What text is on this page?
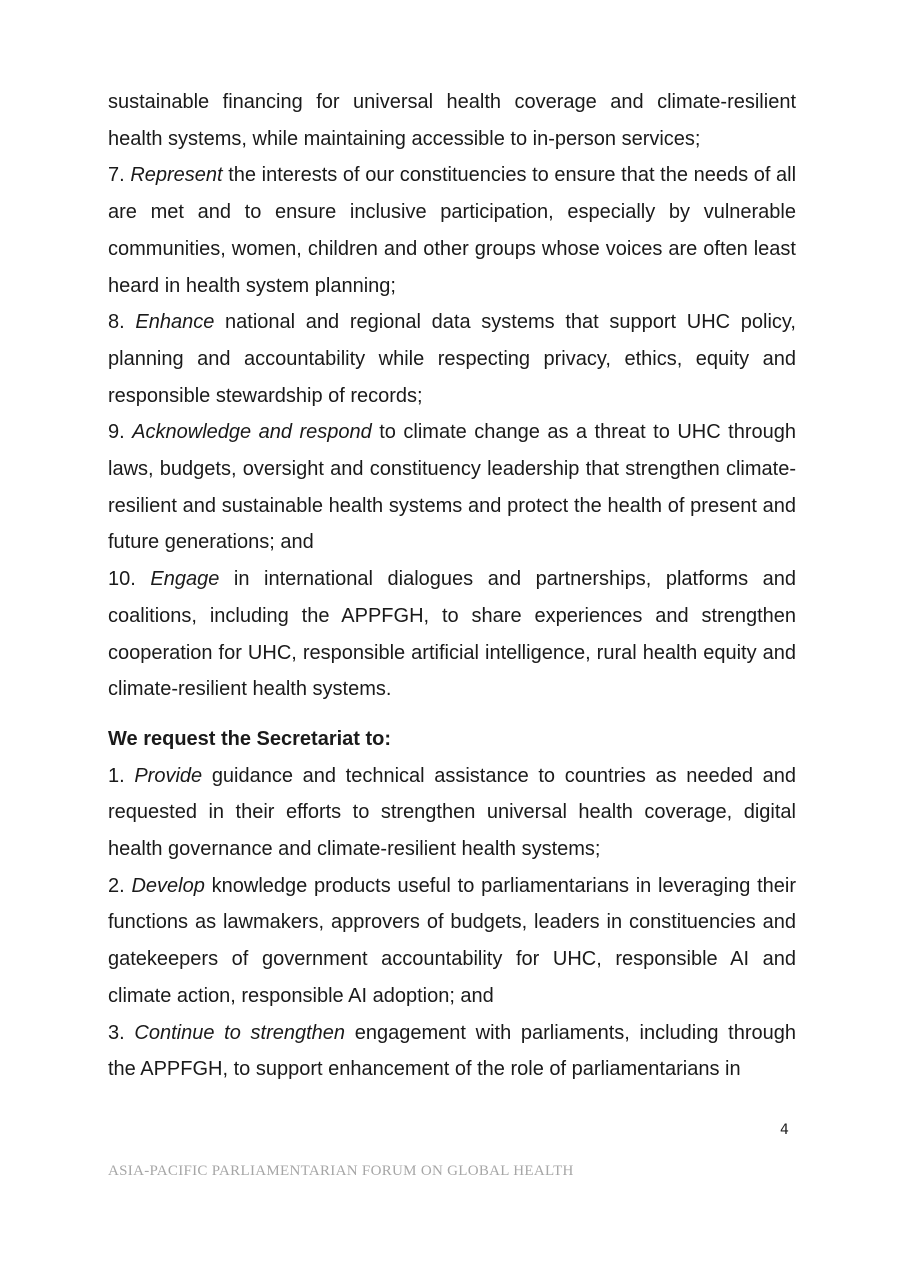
sustainable financing for universal health coverage and climate-resilient health systems, while maintaining accessible to in-person services;

7. Represent the interests of our constituencies to ensure that the needs of all are met and to ensure inclusive participation, especially by vulnerable communities, women, children and other groups whose voices are often least heard in health system planning;

8. Enhance national and regional data systems that support UHC policy, planning and accountability while respecting privacy, ethics, equity and responsible stewardship of records;

9. Acknowledge and respond to climate change as a threat to UHC through laws, budgets, oversight and constituency leadership that strengthen climate-resilient and sustainable health systems and protect the health of present and future generations; and

10. Engage in international dialogues and partnerships, platforms and coalitions, including the APPFGH, to share experiences and strengthen cooperation for UHC, responsible artificial intelligence, rural health equity and climate-resilient health systems.

We request the Secretariat to:

1. Provide guidance and technical assistance to countries as needed and requested in their efforts to strengthen universal health coverage, digital health governance and climate-resilient health systems;

2. Develop knowledge products useful to parliamentarians in leveraging their functions as lawmakers, approvers of budgets, leaders in constituencies and gatekeepers of government accountability for UHC, responsible AI and climate action, responsible AI adoption; and

3. Continue to strengthen engagement with parliaments, including through the APPFGH, to support enhancement of the role of parliamentarians in

4
ASIA-PACIFIC PARLIAMENTARIAN FORUM ON GLOBAL HEALTH
